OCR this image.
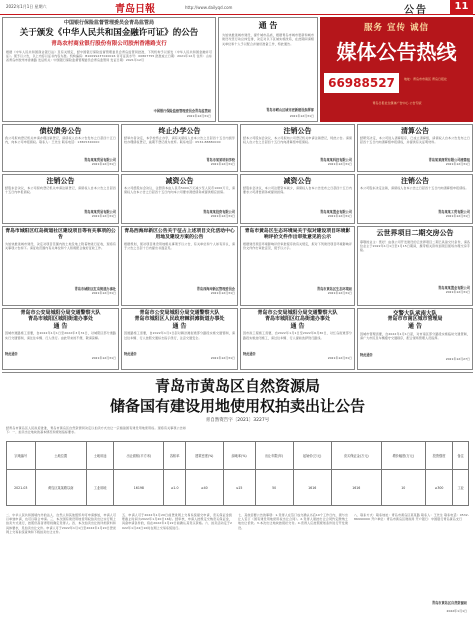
2022年1月1日 星期六	青岛日報	http://www.dailyqd.com	公告	11
中国银行保险监督管理委员会青岛监管局
关于颁发《中华人民共和国金融许可证》的公告
青岛农村商业银行股份有限公司胶州香港路支行
根据《中华人民共和国商业银行法》及有关规定，经中国银行保险监督管理委员会青岛监管局批准，下列机构予以颁发《中华人民共和国金融许可证》。现予以公告，以上内容以证书内容为准。机构编码：B1009S237020016 许可证流水号：00867755 批准成立日期：2021年12月 住所：山东省青岛市胶州市香港路 发证机关：中国银行保险监督管理委员会青岛监管局 发证日期：2021年12月
中国银行保险监督管理委员会青岛监管局
2021年12月31日
通 告
为加快推进城市建设，提升城市品质，根据青岛市城市更新和城市建设攻坚行动总体安排，决定对以下区域实施改造，在此期间请相关单位和个人予以配合并做好准备工作，特此通告。
青岛市崂山区城市更新建设指挥部
2021年12月31日
服务 宣传 诚信
媒体公告热线
66988527	地址：青岛市市南区 青岛日报社
青岛日报社全媒体广告中心 公告专版
债权债务公告
我公司拟向登记机关申请办理注销登记，请债权人自本公告发布之日起四十五日内，向本公司申报债权。联系人：王先生 联系电话：13805320000
青岛某某贸易有限公司
2021年12月31日
终止办学公告
经举办者决定，本学校终止办学，请有关债权人自本公告之日起四十五日内到学校办理债权登记，逾期不登记视为放弃。联系电话：0532-88880000
青岛市某某培训学校
2021年12月31日
注销公告
经本公司股东会决议，本公司拟向公司登记机关申请注销登记，特此公告。请债权人自公告之日起四十五日内向清算组申报债权。
青岛某某科技有限公司
2021年12月31日
清算公告
经研究决定，本公司进入清算程序，已成立清算组，请债权人自本公告发布之日起四十五日内向清算组申报债权，并提供有关证明材料。
青岛某某商贸有限公司清算组
2021年12月31日
注销公告
经股东会决议，本公司拟向登记机关申请注销登记，请债权人自本公告之日起四十五日内申报债权。
青岛某某贸易有限公司
2021年12月31日
减资公告
本公司经股东会决议，注册资本由人民币5000万元减少至人民币1000万元，请债权人自本公告之日起四十五日内向本公司要求清偿债务或提供相应担保。
青岛某某投资有限公司
2021年12月31日
减资公告
经股东会决议，本公司注册资本减少，请债权人自本公告发布之日起四十五日内要求公司清偿债务或提供担保。
青岛某某置业有限公司
2021年12月31日
注销公告
本公司股东决定注销，请债权人自本公告之日起四十五日内向清算组申报债权。
青岛某某工贸有限公司
2021年12月31日
青岛市城阳区红岛街道社区建设项目等有关事项的公告
为加快推进城市建设，决定对项目范围内的土地及地上附着物进行征收，现将有关事项公告如下。请征收范围内有关单位和个人积极配合做好征收工作。
青岛市城阳区红岛街道办事处
2021年12月31日
青岛西海岸新区公告关于征占上述项目文化活动中心用地及建设方案的公告
根据规划，现对项目建设用地相关事项予以公告，有关单位和个人如有异议，请于公告之日起十日内提出书面意见。
青岛西海岸新区管理委员会
2021年12月31日
青岛市黄岛区生态环境局关于拟对建设项目环境影响评价文件作出审批意见的公示
根据建设项目环境影响评价审批程序的有关规定，拟对下列建设项目环境影响评价文件作出审批意见，现予以公示。
青岛市黄岛区生态环境局
2021年12月31日
云世界项目二期交房公告
尊敬的业主：您好！由我公司开发建设的云世界项目二期已具备交付条件，请各位业主于2022年1月1日至1月15日期间，携带相关资料到项目现场办理交房手续。
青岛某某置业有限公司
2021年12月31日
青岛市公安局城阳分局交通警察大队
青岛市城阳区城阳街道办事处
通 告
因城市道路施工需要，自2022年1月1日至2022年3月31日，对城阳区部分道路实行交通管制，请过往车辆、行人绕行。由此带来的不便，敬请谅解。
特此通告
2021年12月31日
青岛市公安局城阳分局交通警察大队
青岛市城阳区人民政府棘洪滩街道办事处
通 告
因道路施工需要，自2022年1月1日起对棘洪滩街道部分路段实施交通管制，请过往车辆、行人按照交通标志指示绕行，注意交通安全。
特此通告
2021年12月31日
青岛市公安局城阳分局交通警察大队
青岛市城阳区红岛街道办事处
通 告
因市政工程施工需要，自2022年1月1日至2022年6月30日，对红岛街道部分路段实施封闭施工，请过往车辆、行人提前选择绕行路线。
特此通告
2021年12月31日
交警大队承南大队
青岛市市南区城市管理局
通 告
因城市管理需要，自2022年1月1日起，对市南区部分路段实施临时交通管制，请广大市民及车辆遵守交通秩序，配合现场管理人员指挥。
特此通告
2021年12月27日
青岛市黄岛区自然资源局
储备国有建设用地使用权拍卖出让公告
青自然资告字〔2021〕3227号
经青岛市黄岛区人民政府批准，青岛市黄岛区自然资源局决定以拍卖方式出让一宗储备国有建设用地使用权。现将有关事项公告如下：一、拍卖出让地块的基本情况和规划指标要求。
宗地编号	土地位置	土地用途	出让面积(平方米)	容积率	建筑密度(%)	绿地率(%)	出让年限(年)	起始价(万元)	竞买保证金(万元)	增价幅度(万元)	投资强度	备注
2021-03	黄岛区某某路以南	工业用地	16198	≥1.0	≥40	≤15	50	1616	1616	10	≥300	工业
二、中华人民共和国境内外的法人、自然人和其他组织均可申请参加，申请人可以单独申请，也可以联合申请。三、本次国有建设用地使用权拍卖出让实行网上拍卖方式进行，按照价高者得原则确定竞得人。四、本次拍卖出让的详细资料和具体要求，见拍卖出让文件。申请人可于2022年1月1日至2022年1月20日登录网上交易系统查询和下载拍卖出让文件。
五、申请人可于2022年1月20日前登录网上交易系统提交申请，竞买保证金到账截止时间为2022年1月20日16时。经审核，申请人按规定交纳竞买保证金，具备申请条件的，将在2022年1月22日前确认其竞买资格。六、拍卖活动定于2022年1月24日10时在网上交易系统进行。
七、其他需要公告的事项：1.竞得人在签订成交确认书后10个工作日内，须与出让人签订《国有建设用地使用权出让合同》。2.竞得人须按出让合同约定缴纳土地出让价款。3.本次出让地块按现状交付。4.竞得人应按照规划条件进行开发建设。
八、联系方式：联系地址：青岛市黄岛区某某路 联系人：王先生 联系电话：0532-86990000 开户单位：青岛市黄岛区财政局 开户银行：中国银行青岛黄岛支行
青岛市黄岛区自然资源局
2022年1月1日
